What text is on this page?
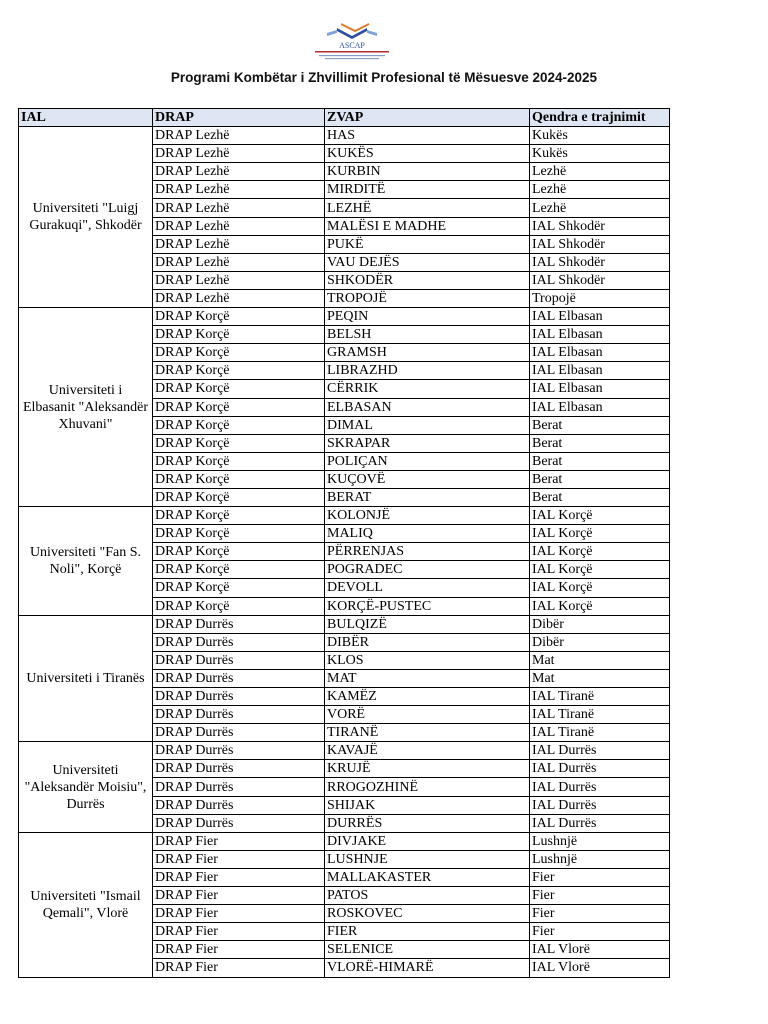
ASCAP
Programi Kombëtar i Zhvillimit Profesional të Mësuesve 2024-2025
IAL	DRAP	ZVAP	Qendra e trajnimit
Universiteti "Luigj Gurakuqi", Shkodër	DRAP Lezhë	HAS	Kukës
	DRAP Lezhë	KUKËS	Kukës
	DRAP Lezhë	KURBIN	Lezhë
	DRAP Lezhë	MIRDITË	Lezhë
	DRAP Lezhë	LEZHË	Lezhë
	DRAP Lezhë	MALËSI E MADHE	IAL Shkodër
	DRAP Lezhë	PUKË	IAL Shkodër
	DRAP Lezhë	VAU DEJËS	IAL Shkodër
	DRAP Lezhë	SHKODËR	IAL Shkodër
	DRAP Lezhë	TROPOJË	Tropojë
Universiteti i Elbasanit "Aleksandër Xhuvani"	DRAP Korçë	PEQIN	IAL Elbasan
	DRAP Korçë	BELSH	IAL Elbasan
	DRAP Korçë	GRAMSH	IAL Elbasan
	DRAP Korçë	LIBRAZHD	IAL Elbasan
	DRAP Korçë	CËRRIK	IAL Elbasan
	DRAP Korçë	ELBASAN	IAL Elbasan
	DRAP Korçë	DIMAL	Berat
	DRAP Korçë	SKRAPAR	Berat
	DRAP Korçë	POLIÇAN	Berat
	DRAP Korçë	KUÇOVË	Berat
	DRAP Korçë	BERAT	Berat
Universiteti "Fan S. Noli", Korçë	DRAP Korçë	KOLONJË	IAL Korçë
	DRAP Korçë	MALIQ	IAL Korçë
	DRAP Korçë	PËRRENJAS	IAL Korçë
	DRAP Korçë	POGRADEC	IAL Korçë
	DRAP Korçë	DEVOLL	IAL Korçë
	DRAP Korçë	KORÇË-PUSTEC	IAL Korçë
Universiteti i Tiranës	DRAP Durrës	BULQIZË	Dibër
	DRAP Durrës	DIBËR	Dibër
	DRAP Durrës	KLOS	Mat
	DRAP Durrës	MAT	Mat
	DRAP Durrës	KAMËZ	IAL Tiranë
	DRAP Durrës	VORË	IAL Tiranë
	DRAP Durrës	TIRANË	IAL Tiranë
Universiteti "Aleksandër Moisiu", Durrës	DRAP Durrës	KAVAJË	IAL Durrës
	DRAP Durrës	KRUJË	IAL Durrës
	DRAP Durrës	RROGOZHINË	IAL Durrës
	DRAP Durrës	SHIJAK	IAL Durrës
	DRAP Durrës	DURRËS	IAL Durrës
Universiteti "Ismail Qemali", Vlorë	DRAP Fier	DIVJAKE	Lushnjë
	DRAP Fier	LUSHNJE	Lushnjë
	DRAP Fier	MALLAKASTER	Fier
	DRAP Fier	PATOS	Fier
	DRAP Fier	ROSKOVEC	Fier
	DRAP Fier	FIER	Fier
	DRAP Fier	SELENICE	IAL Vlorë
	DRAP Fier	VLORË-HIMARË	IAL Vlorë
